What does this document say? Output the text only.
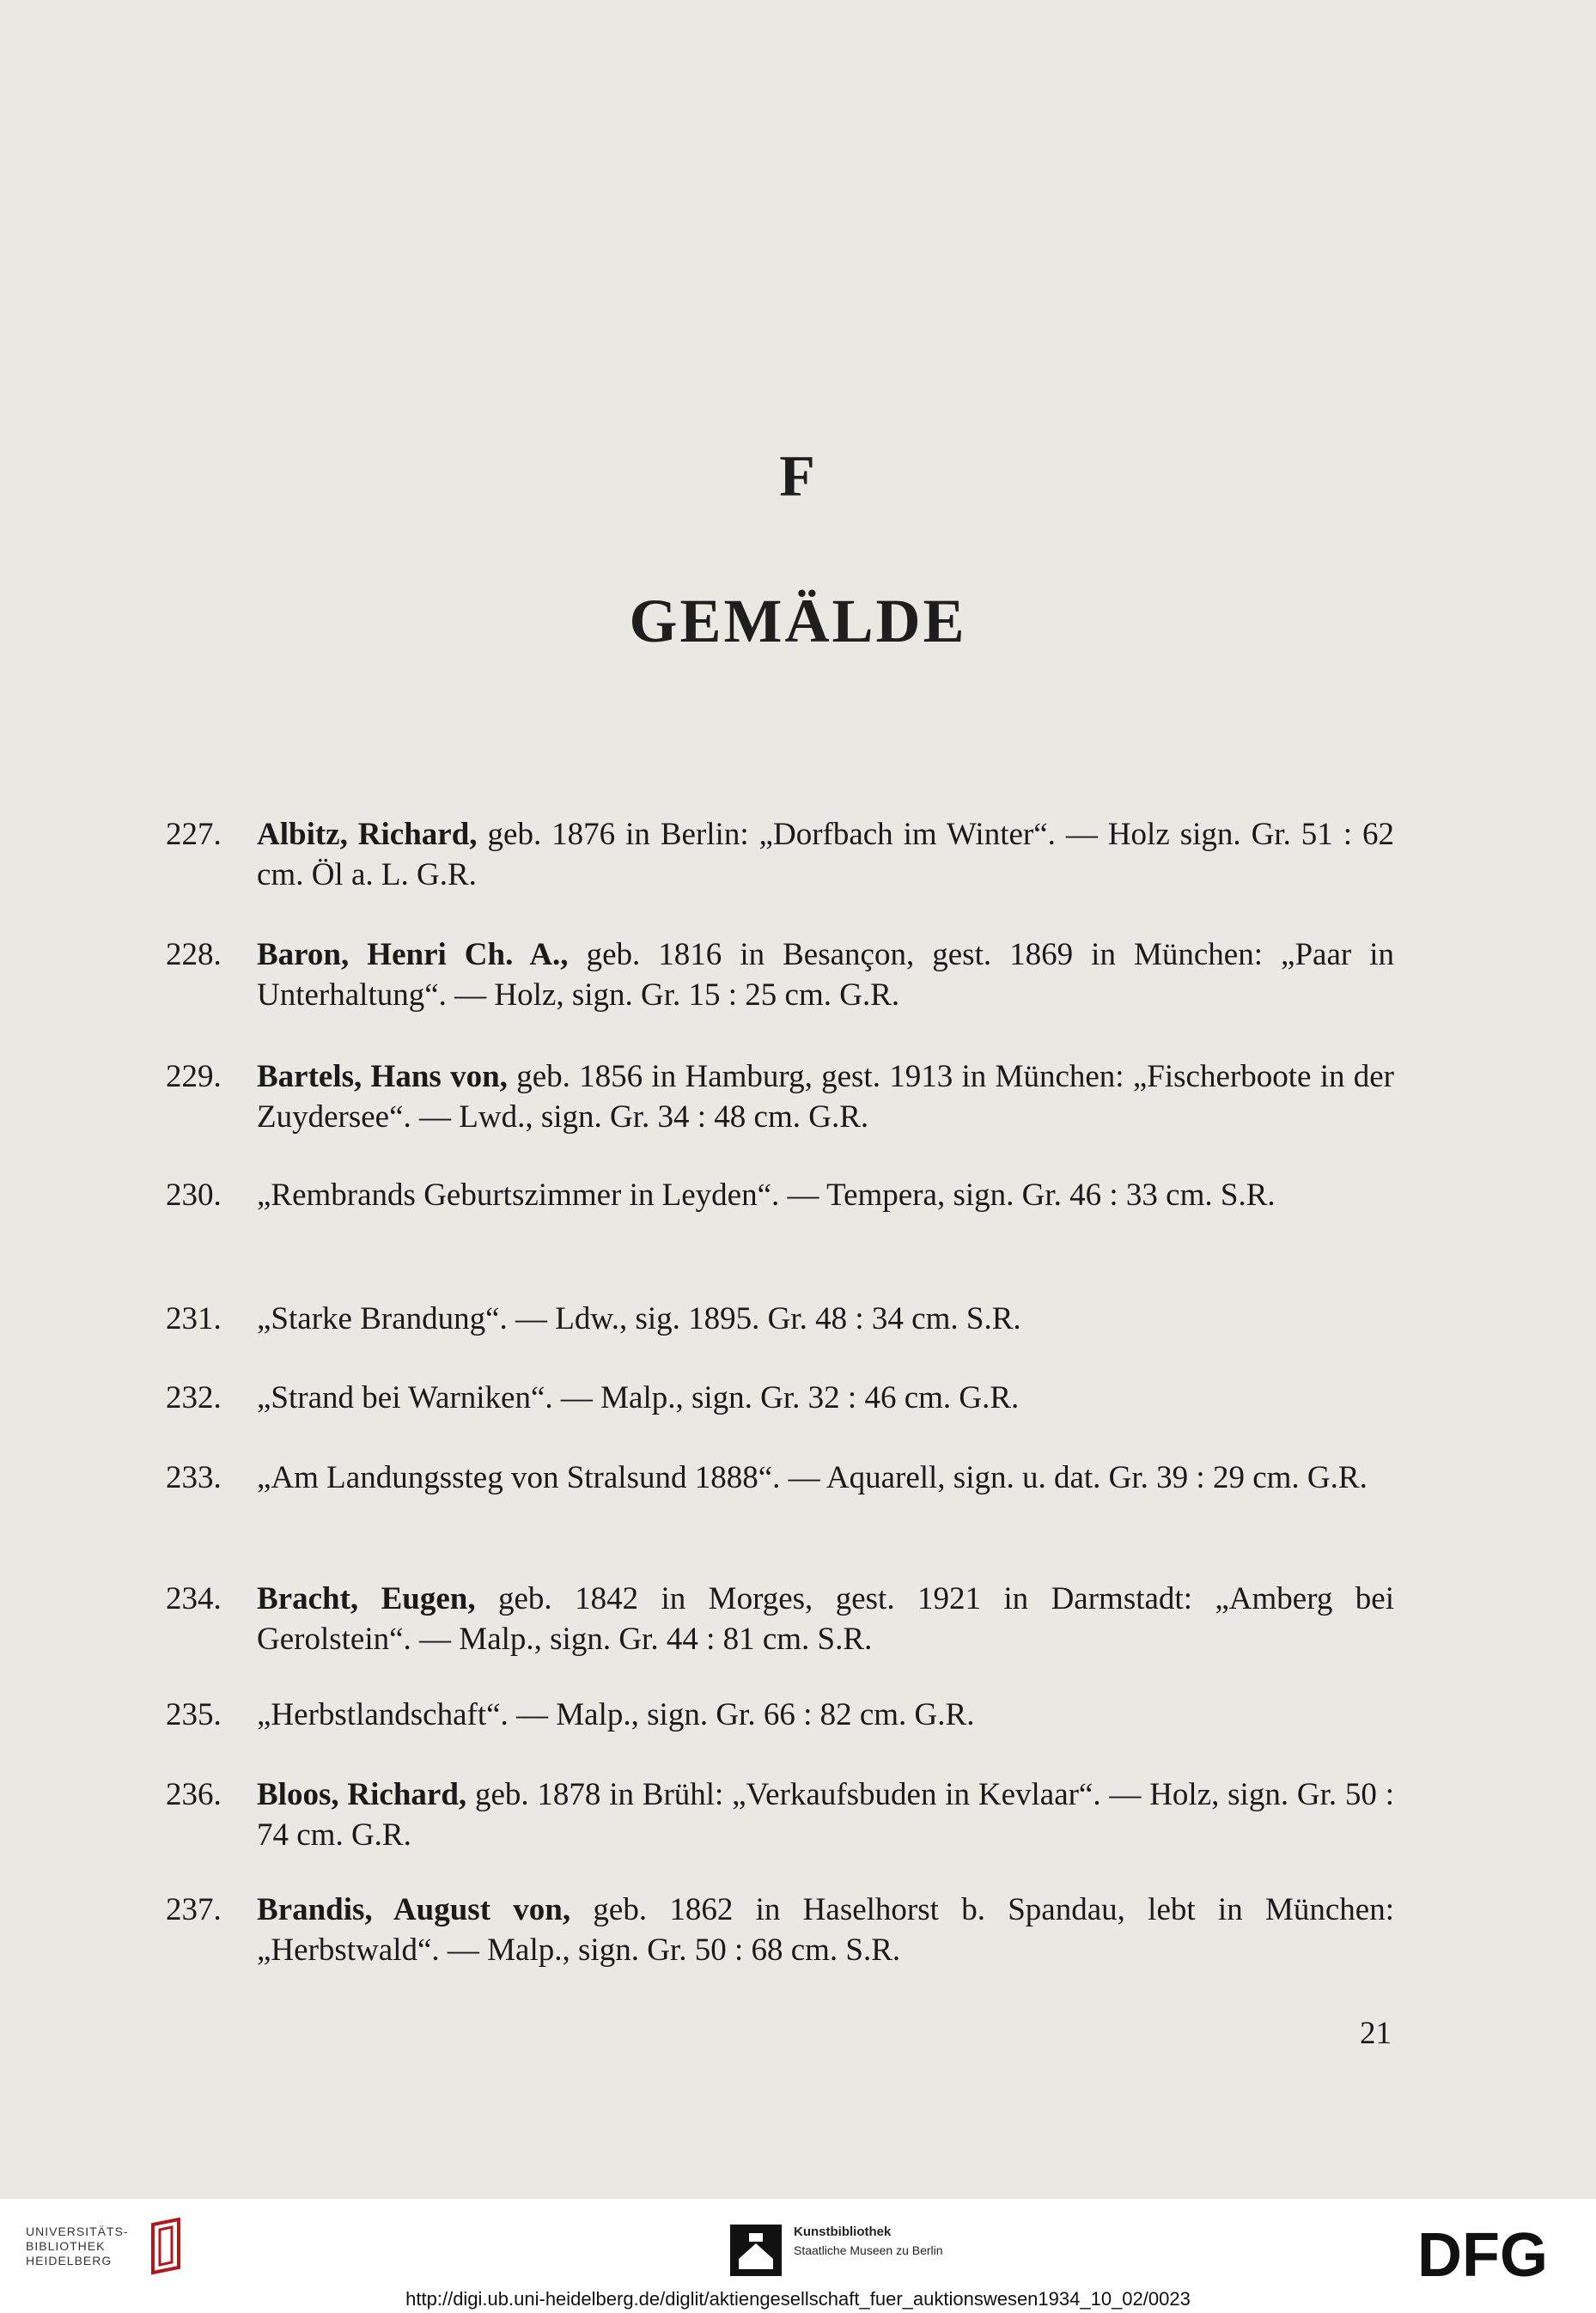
F
GEMÄLDE
227.	Albitz, Richard, geb. 1876 in Berlin: „Dorfbach im Winter“. — Holz sign. Gr. 51 : 62 cm. Öl a. L. G.R.
228.	Baron, Henri Ch. A., geb. 1816 in Besançon, gest. 1869 in München: „Paar in Unterhaltung“. — Holz, sign. Gr. 15 : 25 cm. G.R.
229.	Bartels, Hans von, geb. 1856 in Hamburg, gest. 1913 in München: „Fischerboote in der Zuydersee“. — Lwd., sign. Gr. 34 : 48 cm. G.R.
230.	„Rembrands Geburtszimmer in Leyden“. — Tempera, sign. Gr. 46 : 33 cm. S.R.
231.	„Starke Brandung“. — Ldw., sig. 1895. Gr. 48 : 34 cm. S.R.
232.	„Strand bei Warniken“. — Malp., sign. Gr. 32 : 46 cm. G.R.
233.	„Am Landungssteg von Stralsund 1888“. — Aquarell, sign. u. dat. Gr. 39 : 29 cm. G.R.
234.	Bracht, Eugen, geb. 1842 in Morges, gest. 1921 in Darmstadt: „Amberg bei Gerolstein“. — Malp., sign. Gr. 44 : 81 cm. S.R.
235.	„Herbstlandschaft“. — Malp., sign. Gr. 66 : 82 cm. G.R.
236.	Bloos, Richard, geb. 1878 in Brühl: „Verkaufsbuden in Kevlaar“. — Holz, sign. Gr. 50 : 74 cm. G.R.
237.	Brandis, August von, geb. 1862 in Haselhorst b. Spandau, lebt in München: „Herbstwald“. — Malp., sign. Gr. 50 : 68 cm. S.R.
21
UNIVERSITÄTS-
BIBLIOTHEK
HEIDELBERG
Kunstbibliothek
Staatliche Museen zu Berlin	DFG
http://digi.ub.uni-heidelberg.de/diglit/aktiengesellschaft_fuer_auktionswesen1934_10_02/0023
